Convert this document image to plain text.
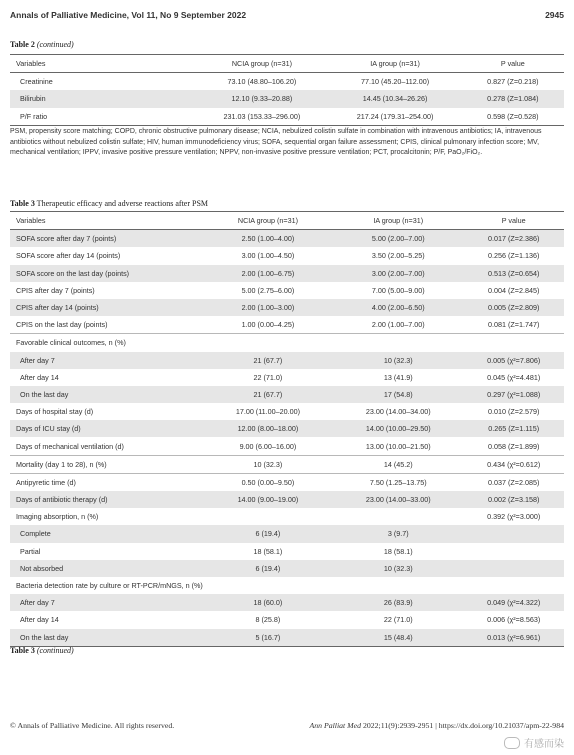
Annals of Palliative Medicine, Vol 11, No 9 September 2022	2945
Table 2 (continued)
Variables	NCIA group (n=31)	IA group (n=31)	P value
Creatinine	73.10 (48.80–106.20)	77.10 (45.20–112.00)	0.827 (Z=0.218)
Bilirubin	12.10 (9.33–20.88)	14.45 (10.34–26.26)	0.278 (Z=1.084)
P/F ratio	231.03 (153.33–296.00)	217.24 (179.31–254.00)	0.598 (Z=0.528)
PSM, propensity score matching; COPD, chronic obstructive pulmonary disease; NCIA, nebulized colistin sulfate in combination with intravenous antibiotics; IA, intravenous antibiotics without nebulized colistin sulfate; HIV, human immunodeficiency virus; SOFA, sequential organ failure assessment; CPIS, clinical pulmonary infection score; MV, mechanical ventilation; IPPV, invasive positive pressure ventilation; NPPV, non-invasive positive pressure ventilation; PCT, procalcitonin; P/F, PaO₂/FiO₂.
Table 3 Therapeutic efficacy and adverse reactions after PSM
Variables	NCIA group (n=31)	IA group (n=31)	P value
SOFA score after day 7 (points)	2.50 (1.00–4.00)	5.00 (2.00–7.00)	0.017 (Z=2.386)
SOFA score after day 14 (points)	3.00 (1.00–4.50)	3.50 (2.00–5.25)	0.256 (Z=1.136)
SOFA score on the last day (points)	2.00 (1.00–6.75)	3.00 (2.00–7.00)	0.513 (Z=0.654)
CPIS after day 7 (points)	5.00 (2.75–6.00)	7.00 (5.00–9.00)	0.004 (Z=2.845)
CPIS after day 14 (points)	2.00 (1.00–3.00)	4.00 (2.00–6.50)	0.005 (Z=2.809)
CPIS on the last day (points)	1.00 (0.00–4.25)	2.00 (1.00–7.00)	0.081 (Z=1.747)
Favorable clinical outcomes, n (%)			
After day 7	21 (67.7)	10 (32.3)	0.005 (χ²=7.806)
After day 14	22 (71.0)	13 (41.9)	0.045 (χ²=4.481)
On the last day	21 (67.7)	17 (54.8)	0.297 (χ²=1.088)
Days of hospital stay (d)	17.00 (11.00–20.00)	23.00 (14.00–34.00)	0.010 (Z=2.579)
Days of ICU stay (d)	12.00 (8.00–18.00)	14.00 (10.00–29.50)	0.265 (Z=1.115)
Days of mechanical ventilation (d)	9.00 (6.00–16.00)	13.00 (10.00–21.50)	0.058 (Z=1.899)
Mortality (day 1 to 28), n (%)	10 (32.3)	14 (45.2)	0.434 (χ²=0.612)
Antipyretic time (d)	0.50 (0.00–9.50)	7.50 (1.25–13.75)	0.037 (Z=2.085)
Days of antibiotic therapy (d)	14.00 (9.00–19.00)	23.00 (14.00–33.00)	0.002 (Z=3.158)
Imaging absorption, n (%)			0.392 (χ²=3.000)
Complete	6 (19.4)	3 (9.7)	
Partial	18 (58.1)	18 (58.1)	
Not absorbed	6 (19.4)	10 (32.3)	
Bacteria detection rate by culture or RT-PCR/mNGS, n (%)			
After day 7	18 (60.0)	26 (83.9)	0.049 (χ²=4.322)
After day 14	8 (25.8)	22 (71.0)	0.006 (χ²=8.563)
On the last day	5 (16.7)	15 (48.4)	0.013 (χ²=6.961)
Table 3 (continued)
© Annals of Palliative Medicine. All rights reserved.	Ann Palliat Med 2022;11(9):2939-2951 | https://dx.doi.org/10.21037/apm-22-984
有感而染
